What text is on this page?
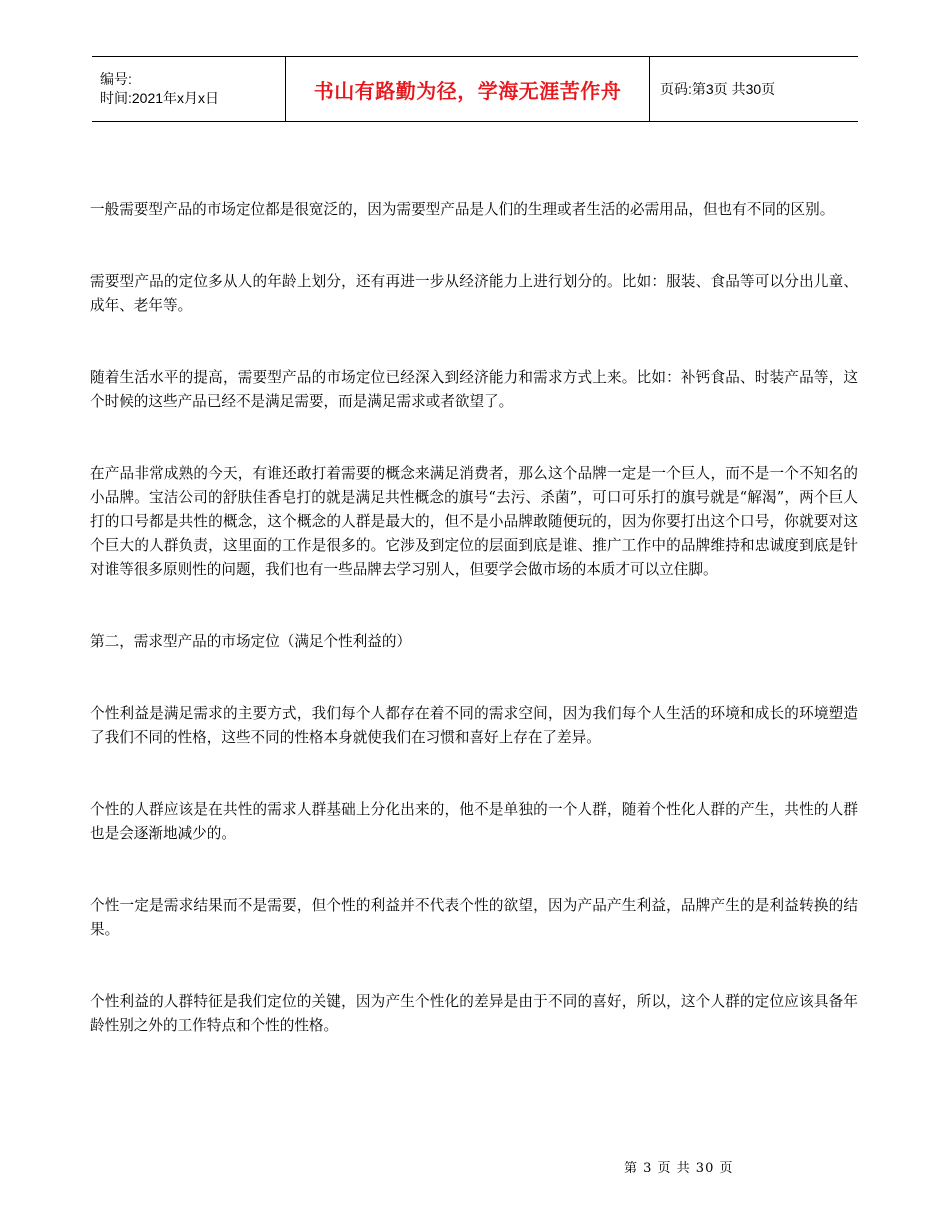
编号:
时间:2021年x月x日	书山有路勤为径，学海无涯苦作舟	页码:第3页 共30页

一般需要型产品的市场定位都是很宽泛的，因为需要型产品是人们的生理或者生活的必需用品，但也有不同的区别。

需要型产品的定位多从人的年龄上划分，还有再进一步从经济能力上进行划分的。比如：服装、食品等可以分出儿童、成年、老年等。

随着生活水平的提高，需要型产品的市场定位已经深入到经济能力和需求方式上来。比如：补钙食品、时装产品等，这个时候的这些产品已经不是满足需要，而是满足需求或者欲望了。

在产品非常成熟的今天，有谁还敢打着需要的概念来满足消费者，那么这个品牌一定是一个巨人，而不是一个不知名的小品牌。宝洁公司的舒肤佳香皂打的就是满足共性概念的旗号“去污、杀菌”，可口可乐打的旗号就是“解渴”，两个巨人打的口号都是共性的概念，这个概念的人群是最大的，但不是小品牌敢随便玩的，因为你要打出这个口号，你就要对这个巨大的人群负责，这里面的工作是很多的。它涉及到定位的层面到底是谁、推广工作中的品牌维持和忠诚度到底是针对谁等很多原则性的问题，我们也有一些品牌去学习别人，但要学会做市场的本质才可以立住脚。

第二，需求型产品的市场定位（满足个性利益的）

个性利益是满足需求的主要方式，我们每个人都存在着不同的需求空间，因为我们每个人生活的环境和成长的环境塑造了我们不同的性格，这些不同的性格本身就使我们在习惯和喜好上存在了差异。

个性的人群应该是在共性的需求人群基础上分化出来的，他不是单独的一个人群，随着个性化人群的产生，共性的人群也是会逐渐地减少的。

个性一定是需求结果而不是需要，但个性的利益并不代表个性的欲望，因为产品产生利益，品牌产生的是利益转换的结果。

个性利益的人群特征是我们定位的关键，因为产生个性化的差异是由于不同的喜好，所以，这个人群的定位应该具备年龄性别之外的工作特点和个性的性格。

第 3 页 共 30 页
